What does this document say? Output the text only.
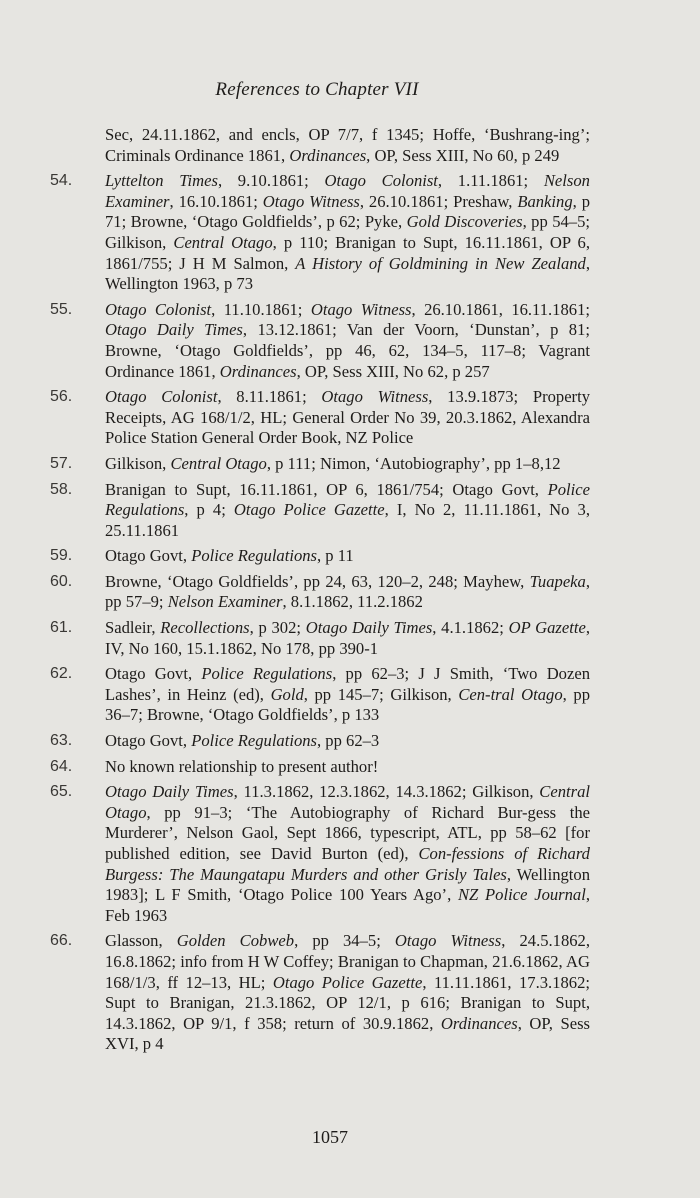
References to Chapter VII
Sec, 24.11.1862, and encls, OP 7/7, f 1345; Hoffe, ‘Bushrang-ing’; Criminals Ordinance 1861, Ordinances, OP, Sess XIII, No 60, p 249
54.	Lyttelton Times, 9.10.1861; Otago Colonist, 1.11.1861; Nelson Examiner, 16.10.1861; Otago Witness, 26.10.1861; Preshaw, Banking, p 71; Browne, ‘Otago Goldfields’, p 62; Pyke, Gold Discoveries, pp 54–5; Gilkison, Central Otago, p 110; Branigan to Supt, 16.11.1861, OP 6, 1861/755; J H M Salmon, A History of Goldmining in New Zealand, Wellington 1963, p 73
55.	Otago Colonist, 11.10.1861; Otago Witness, 26.10.1861, 16.11.1861; Otago Daily Times, 13.12.1861; Van der Voorn, ‘Dunstan’, p 81; Browne, ‘Otago Goldfields’, pp 46, 62, 134–5, 117–8; Vagrant Ordinance 1861, Ordinances, OP, Sess XIII, No 62, p 257
56.	Otago Colonist, 8.11.1861; Otago Witness, 13.9.1873; Property Receipts, AG 168/1/2, HL; General Order No 39, 20.3.1862, Alexandra Police Station General Order Book, NZ Police
57.	Gilkison, Central Otago, p 111; Nimon, ‘Autobiography’, pp 1–8,12
58.	Branigan to Supt, 16.11.1861, OP 6, 1861/754; Otago Govt, Police Regulations, p 4; Otago Police Gazette, I, No 2, 11.11.1861, No 3, 25.11.1861
59.	Otago Govt, Police Regulations, p 11
60.	Browne, ‘Otago Goldfields’, pp 24, 63, 120–2, 248; Mayhew, Tuapeka, pp 57–9; Nelson Examiner, 8.1.1862, 11.2.1862
61.	Sadleir, Recollections, p 302; Otago Daily Times, 4.1.1862; OP Gazette, IV, No 160, 15.1.1862, No 178, pp 390-1
62.	Otago Govt, Police Regulations, pp 62–3; J J Smith, ‘Two Dozen Lashes’, in Heinz (ed), Gold, pp 145–7; Gilkison, Cen-tral Otago, pp 36–7; Browne, ‘Otago Goldfields’, p 133
63.	Otago Govt, Police Regulations, pp 62–3
64.	No known relationship to present author!
65.	Otago Daily Times, 11.3.1862, 12.3.1862, 14.3.1862; Gilkison, Central Otago, pp 91–3; ‘The Autobiography of Richard Bur-gess the Murderer’, Nelson Gaol, Sept 1866, typescript, ATL, pp 58–62 [for published edition, see David Burton (ed), Con-fessions of Richard Burgess: The Maungatapu Murders and other Grisly Tales, Wellington 1983]; L F Smith, ‘Otago Police 100 Years Ago’, NZ Police Journal, Feb 1963
66.	Glasson, Golden Cobweb, pp 34–5; Otago Witness, 24.5.1862, 16.8.1862; info from H W Coffey; Branigan to Chapman, 21.6.1862, AG 168/1/3, ff 12–13, HL; Otago Police Gazette, 11.11.1861, 17.3.1862; Supt to Branigan, 21.3.1862, OP 12/1, p 616; Branigan to Supt, 14.3.1862, OP 9/1, f 358; return of 30.9.1862, Ordinances, OP, Sess XVI, p 4
1057
